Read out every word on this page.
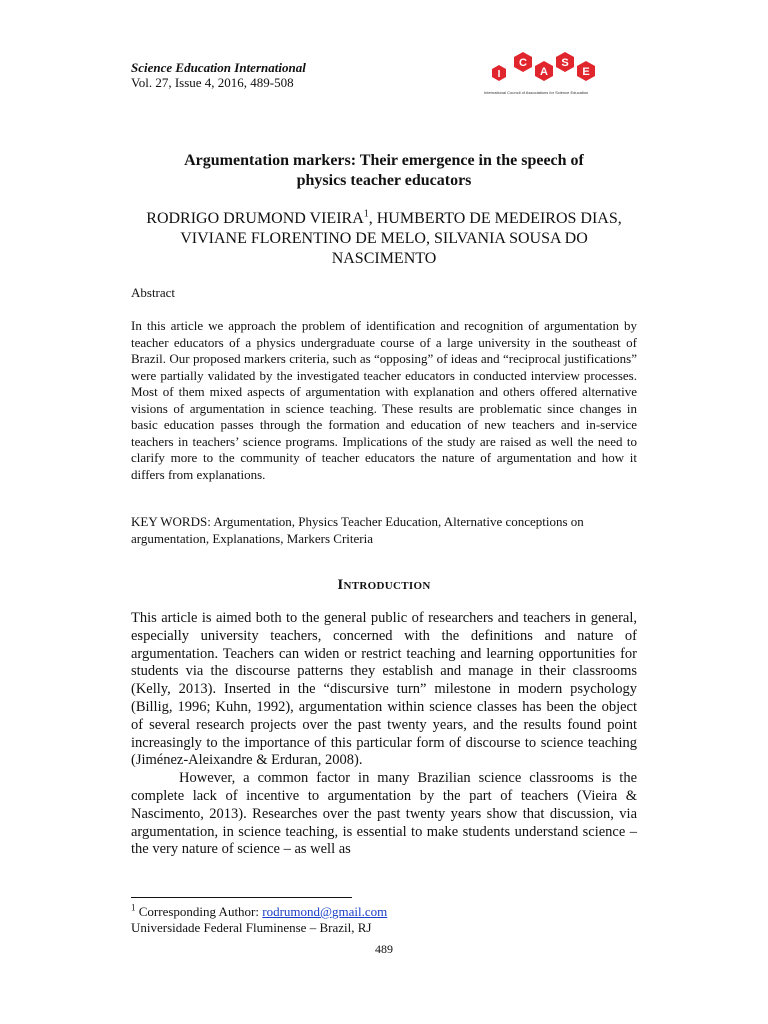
Science Education International
Vol. 27, Issue 4, 2016, 489-508
I
C
A
S
E
International Council of Associations for Science Education
Argumentation markers: Their emergence in the speech of
physics teacher educators
RODRIGO DRUMOND VIEIRA$^1$, HUMBERTO DE MEDEIROS DIAS, VIVIANE FLORENTINO DE MELO, SILVANIA SOUSA DO NASCIMENTO
Abstract

In this article we approach the problem of identification and recognition of argumentation by teacher educators of a physics undergraduate course of a large university in the southeast of Brazil. Our proposed markers criteria, such as “opposing” of ideas and “reciprocal justifications” were partially validated by the investigated teacher educators in conducted interview processes. Most of them mixed aspects of argumentation with explanation and others offered alternative visions of argumentation in science teaching. These results are problematic since changes in basic education passes through the formation and education of new teachers and in-service teachers in teachers’ science programs. Implications of the study are raised as well the need to clarify more to the community of teacher educators the nature of argumentation and how it differs from explanations.

KEY WORDS: Argumentation, Physics Teacher Education, Alternative conceptions on argumentation, Explanations, Markers Criteria

Introduction

This article is aimed both to the general public of researchers and teachers in general, especially university teachers, concerned with the definitions and nature of argumentation. Teachers can widen or restrict teaching and learning opportunities for students via the discourse patterns they establish and manage in their classrooms (Kelly, 2013). Inserted in the “discursive turn” milestone in modern psychology (Billig, 1996; Kuhn, 1992), argumentation within science classes has been the object of several research projects over the past twenty years, and the results found point increasingly to the importance of this particular form of discourse to science teaching (Jiménez-Aleixandre & Erduran, 2008).

However, a common factor in many Brazilian science classrooms is the complete lack of incentive to argumentation by the part of teachers (Vieira & Nascimento, 2013). Researches over the past twenty years show that discussion, via argumentation, in science teaching, is essential to make students understand science – the very nature of science – as well as

$^1$ Corresponding Author: rodrumond@gmail.com
Universidade Federal Fluminense – Brazil, RJ
489
